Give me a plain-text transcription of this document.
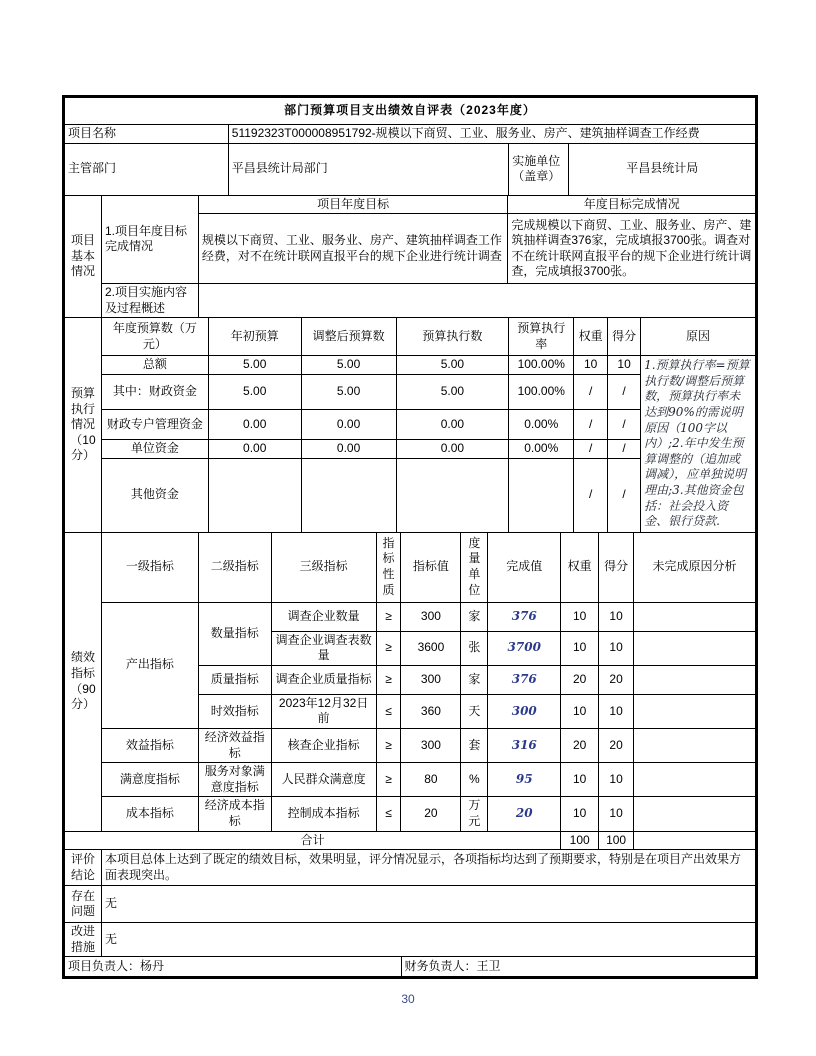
部门预算项目支出绩效自评表（2023年度）			
项目名称	51192323T000008951792-规模以下商贸、工业、服务业、房产、建筑抽样调查工作经费		
主管部门	平昌县统计局部门	实施单位（盖章）	平昌县统计局
项目基本情况	1.项目年度目标完成情况	项目年度目标	年度目标完成情况
		规模以下商贸、工业、服务业、房产、建筑抽样调查工作经费，对不在统计联网直报平台的规下企业进行统计调查	完成规模以下商贸、工业、服务业、房产、建筑抽样调查376家，完成填报3700张。调查对不在统计联网直报平台的规下企业进行统计调查，完成填报3700张。
	2.项目实施内容及过程概述		
预算执行情况（10分）	年度预算数（万元）	年初预算	调整后预算数	预算执行数	预算执行率	权重	得分	原因
	总额	5.00	5.00	5.00	100.00%	10	10	1.预算执行率=预算执行数/调整后预算数，预算执行率未达到90%的需说明原因（100字以内）;2.年中发生预算调整的（追加或调减），应单独说明理由;3.其他资金包括：社会投入资金、银行贷款.
	其中：财政资金	5.00	5.00	5.00	100.00%	/	/	
	财政专户管理资金	0.00	0.00	0.00	0.00%	/	/	
	单位资金	0.00	0.00	0.00	0.00%	/	/	
	其他资金					/	/	
绩效指标（90分）	一级指标	二级指标	三级指标	指标性质	指标值	度量单位	完成值	权重	得分	未完成原因分析
	产出指标	数量指标	调查企业数量	≥	300	家	376	10	10	
			调查企业调查表数量	≥	3600	张	3700	10	10	
		质量指标	调查企业质量指标	≥	300	家	376	20	20	
		时效指标	2023年12月32日前	≤	360	天	300	10	10	
	效益指标	经济效益指标	核查企业指标	≥	300	套	316	20	20	
	满意度指标	服务对象满意度指标	人民群众满意度	≥	80	%	95	10	10	
	成本指标	经济成本指标	控制成本指标	≤	20	万元	20	10	10	
合计								100	100	
评价结论	本项目总体上达到了既定的绩效目标，效果明显，评分情况显示，各项指标均达到了预期要求，特别是在项目产出效果方面表现突出。
存在问题	无
改进措施	无
项目负责人：杨丹	财务负责人：王卫
30
